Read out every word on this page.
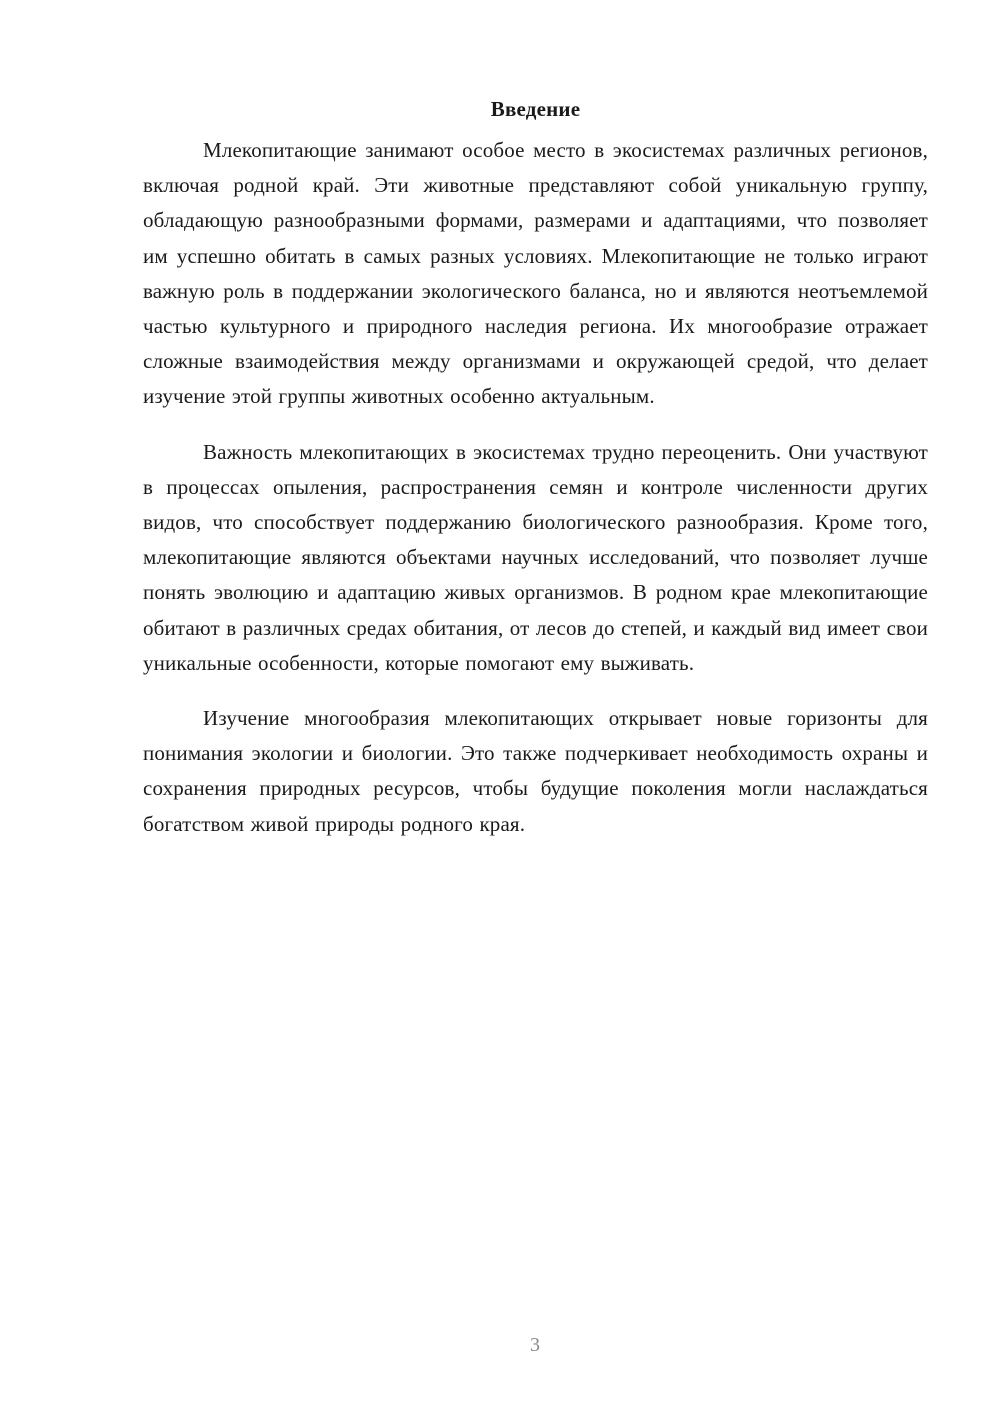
Введение

Млекопитающие занимают особое место в экосистемах различных регионов, включая родной край. Эти животные представляют собой уникальную группу, обладающую разнообразными формами, размерами и адаптациями, что позволяет им успешно обитать в самых разных условиях. Млекопитающие не только играют важную роль в поддержании экологического баланса, но и являются неотъемлемой частью культурного и природного наследия региона. Их многообразие отражает сложные взаимодействия между организмами и окружающей средой, что делает изучение этой группы животных особенно актуальным.

Важность млекопитающих в экосистемах трудно переоценить. Они участвуют в процессах опыления, распространения семян и контроле численности других видов, что способствует поддержанию биологического разнообразия. Кроме того, млекопитающие являются объектами научных исследований, что позволяет лучше понять эволюцию и адаптацию живых организмов. В родном крае млекопитающие обитают в различных средах обитания, от лесов до степей, и каждый вид имеет свои уникальные особенности, которые помогают ему выживать.

Изучение многообразия млекопитающих открывает новые горизонты для понимания экологии и биологии. Это также подчеркивает необходимость охраны и сохранения природных ресурсов, чтобы будущие поколения могли наслаждаться богатством живой природы родного края.

3
